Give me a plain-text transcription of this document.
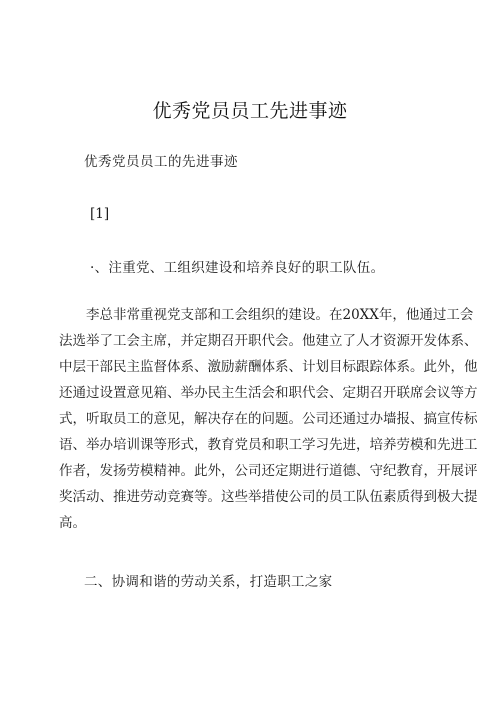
优秀党员员工先进事迹
优秀党员员工的先进事迹
[1]
·、注重党、工组织建设和培养良好的职工队伍。
李总非常重视党支部和工会组织的建设。在20XX年，他通过工会
法选举了工会主席，并定期召开职代会。他建立了人才资源开发体系、
中层干部民主监督体系、激励薪酬体系、计划目标跟踪体系。此外，他
还通过设置意见箱、举办民主生活会和职代会、定期召开联席会议等方
式，听取员工的意见，解决存在的问题。公司还通过办墙报、搞宣传标
语、举办培训课等形式，教育党员和职工学习先进，培养劳模和先进工
作者，发扬劳模精神。此外，公司还定期进行道德、守纪教育，开展评
奖活动、推进劳动竞赛等。这些举措使公司的员工队伍素质得到极大提
高。
二、协调和谐的劳动关系，打造职工之家
